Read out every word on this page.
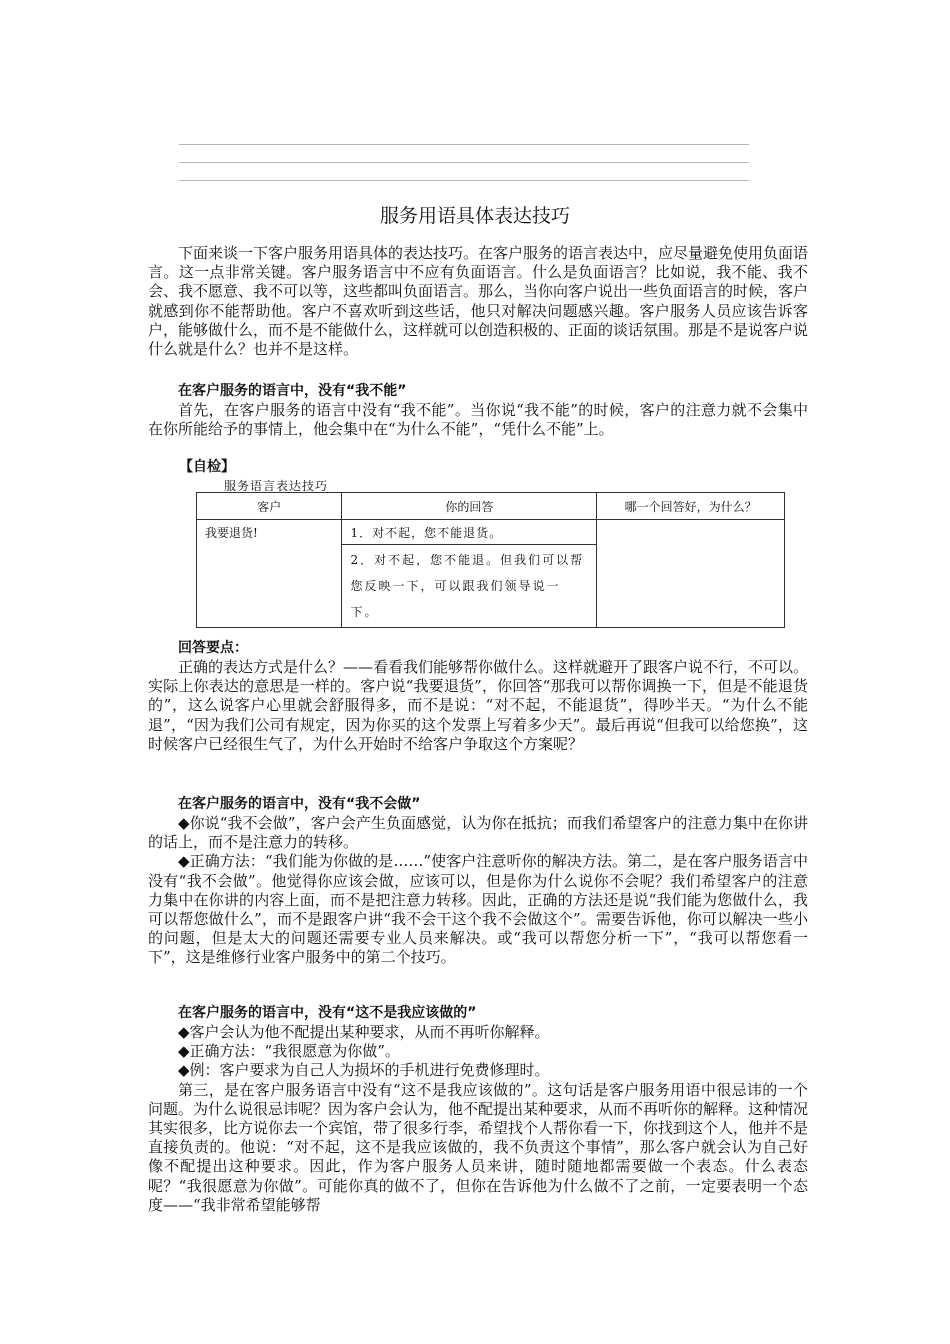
服务用语具体表达技巧

下面来谈一下客户服务用语具体的表达技巧。在客户服务的语言表达中，应尽量避免使用负面语言。这一点非常关键。客户服务语言中不应有负面语言。什么是负面语言？比如说，我不能、我不会、我不愿意、我不可以等，这些都叫负面语言。那么，当你向客户说出一些负面语言的时候，客户就感到你不能帮助他。客户不喜欢听到这些话，他只对解决问题感兴趣。客户服务人员应该告诉客户，能够做什么，而不是不能做什么，这样就可以创造积极的、正面的谈话氛围。那是不是说客户说什么就是什么？也并不是这样。

在客户服务的语言中，没有“我不能”

首先，在客户服务的语言中没有“我不能”。当你说“我不能”的时候，客户的注意力就不会集中在你所能给予的事情上，他会集中在“为什么不能”，“凭什么不能”上。

【自检】

服务语言表达技巧

客户	你的回答	哪一个回答好，为什么？
我要退货!	1．对不起，您不能退货。	
	2．对不起，您不能退。但我们可以帮您反映一下，可以跟我们领导说一下。	

回答要点：

正确的表达方式是什么？——看看我们能够帮你做什么。这样就避开了跟客户说不行，不可以。实际上你表达的意思是一样的。客户说“我要退货”，你回答“那我可以帮你调换一下，但是不能退货的”，这么说客户心里就会舒服得多，而不是说：“对不起，不能退货”，得吵半天。“为什么不能退”，“因为我们公司有规定，因为你买的这个发票上写着多少天”。最后再说“但我可以给您换”，这时候客户已经很生气了，为什么开始时不给客户争取这个方案呢？

在客户服务的语言中，没有“我不会做”

◆你说“我不会做”，客户会产生负面感觉，认为你在抵抗；而我们希望客户的注意力集中在你讲的话上，而不是注意力的转移。

◆正确方法：“我们能为你做的是……”使客户注意听你的解决方法。第二，是在客户服务语言中没有“我不会做”。他觉得你应该会做，应该可以，但是你为什么说你不会呢？我们希望客户的注意力集中在你讲的内容上面，而不是把注意力转移。因此，正确的方法还是说“我们能为您做什么，我可以帮您做什么”，而不是跟客户讲“我不会干这个我不会做这个”。需要告诉他，你可以解决一些小的问题，但是太大的问题还需要专业人员来解决。或“我可以帮您分析一下”，“我可以帮您看一下”，这是维修行业客户服务中的第二个技巧。

在客户服务的语言中，没有“这不是我应该做的”

◆客户会认为他不配提出某种要求，从而不再听你解释。

◆正确方法：“我很愿意为你做”。

◆例：客户要求为自己人为损坏的手机进行免费修理时。

第三，是在客户服务语言中没有“这不是我应该做的”。这句话是客户服务用语中很忌讳的一个问题。为什么说很忌讳呢？因为客户会认为，他不配提出某种要求，从而不再听你的解释。这种情况其实很多，比方说你去一个宾馆，带了很多行李，希望找个人帮你看一下，你找到这个人，他并不是直接负责的。他说：“对不起，这不是我应该做的，我不负责这个事情”，那么客户就会认为自己好像不配提出这种要求。因此，作为客户服务人员来讲，随时随地都需要做一个表态。什么表态呢？“我很愿意为你做”。可能你真的做不了，但你在告诉他为什么做不了之前，一定要表明一个态度——“我非常希望能够帮
